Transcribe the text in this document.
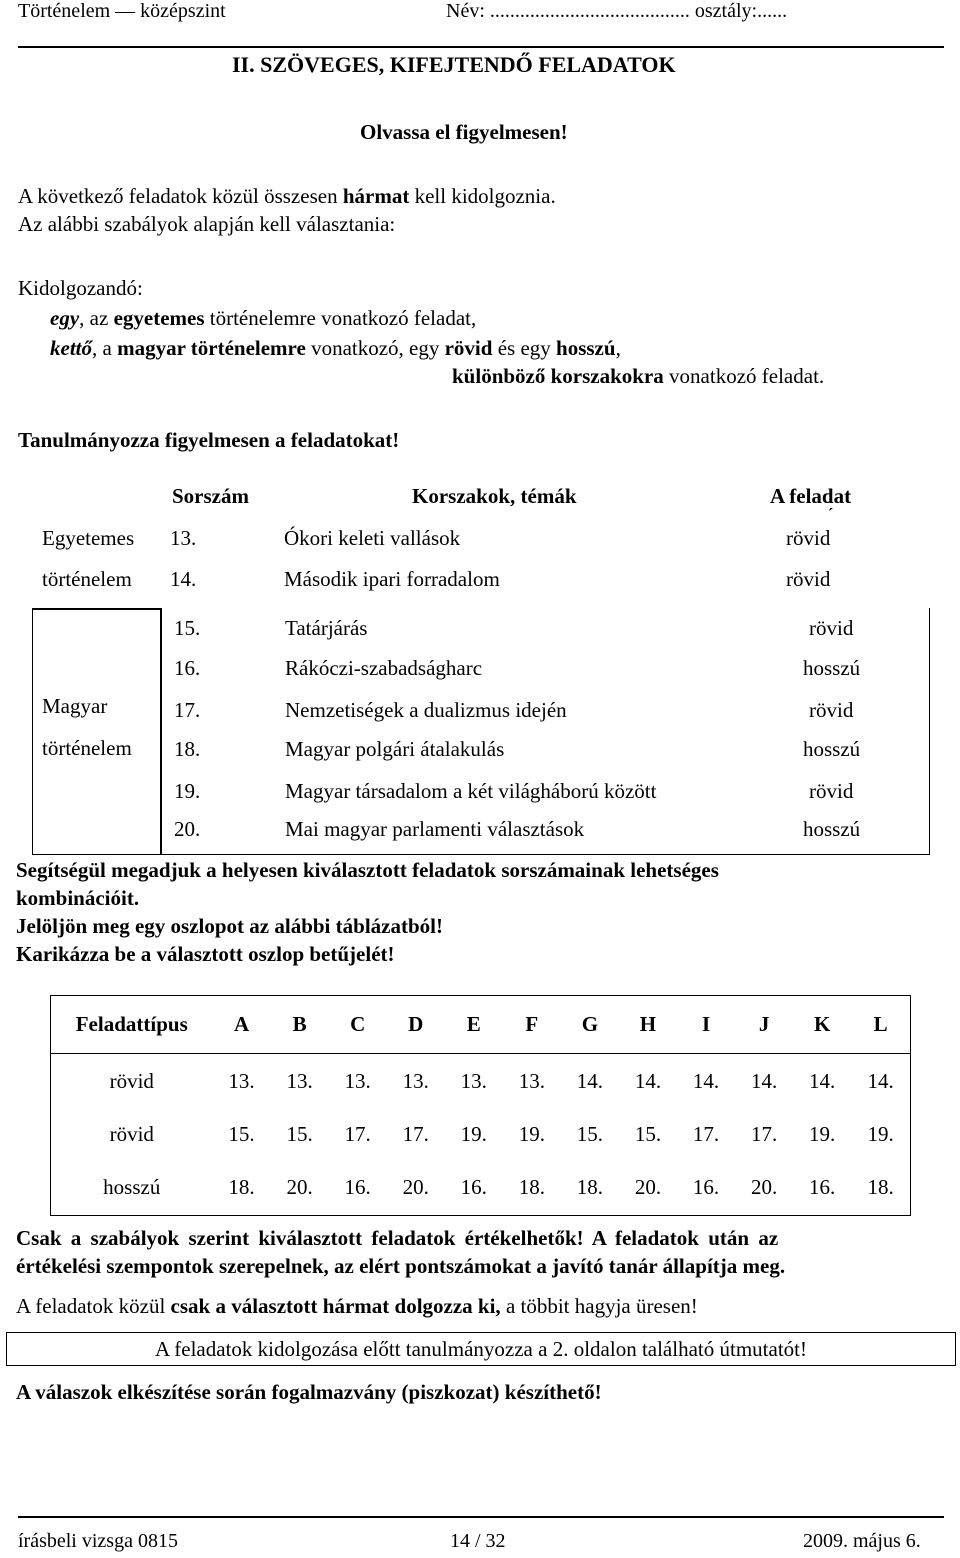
Történelem — középszint	Név: ........................................ osztály:......
II. SZÖVEGES, KIFEJTENDŐ FELADATOK
Olvassa el figyelmesen!
A következő feladatok közül összesen hármat kell kidolgoznia.
Az alábbi szabályok alapján kell választania:
Kidolgozandó:
egy, az egyetemes történelemre vonatkozó feladat,
kettő, a magyar történelemre vonatkozó, egy rövid és egy hosszú,
különböző korszakokra vonatkozó feladat.
Tanulmányozza figyelmesen a feladatokat!
	Sorszám	Korszakok, témák	A feladat
´

Egyetemes	13.	Ókori keleti vallások	rövid
történelem	14.	Második ipari forradalom	rövid
Magyar
történelem
15.	Tatárjárás	rövid
16.	Rákóczi-szabadságharc	hosszú
17.	Nemzetiségek a dualizmus idején	rövid
18.	Magyar polgári átalakulás	hosszú
19.	Magyar társadalom a két világháború között	rövid
20.	Mai magyar parlamenti választások	hosszú
Segítségül megadjuk a helyesen kiválasztott feladatok sorszámainak lehetséges
kombinációit.
Jelöljön meg egy oszlopot az alábbi táblázatból!
Karikázza be a választott oszlop betűjelét!
Feladattípus	A	B	C	D	E	F	G	H	I	J	K	L
rövid	13.	13.	13.	13.	13.	13.	14.	14.	14.	14.	14.	14.
rövid	15.	15.	17.	17.	19.	19.	15.	15.	17.	17.	19.	19.
hosszú	18.	20.	16.	20.	16.	18.	18.	20.	16.	20.	16.	18.
Csak a szabályok szerint kiválasztott feladatok értékelhetők! A feladatok után az
értékelési szempontok szerepelnek, az elért pontszámokat a javító tanár állapítja meg.
A feladatok közül csak a választott hármat dolgozza ki, a többit hagyja üresen!
A feladatok kidolgozása előtt tanulmányozza a 2. oldalon található útmutatót!
A válaszok elkészítése során fogalmazvány (piszkozat) készíthető!
írásbeli vizsga 0815	14 / 32	2009. május 6.
